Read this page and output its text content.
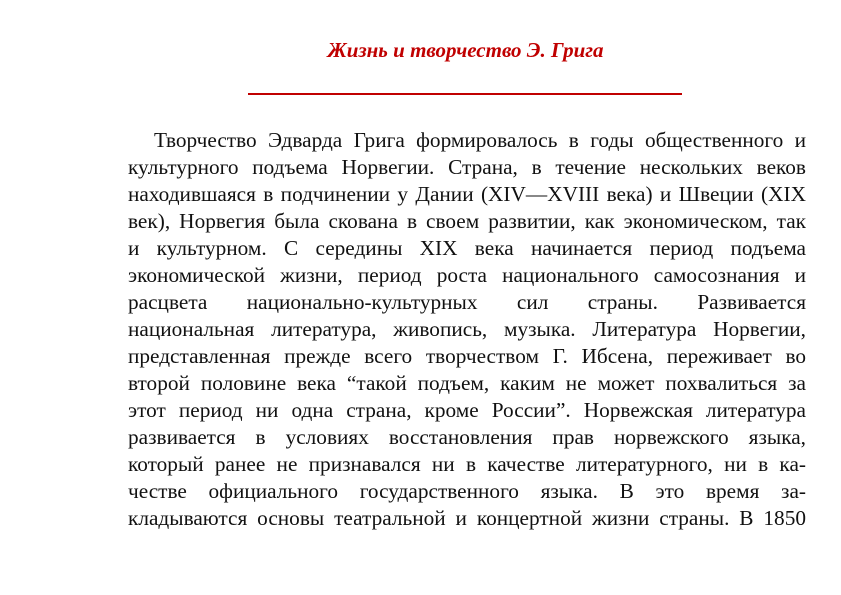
Жизнь и творчество Э. Грига
Творчество Эдварда Грига формировалось в годы общественного и
культурного подъема Норвегии. Страна, в течение нескольких веков
находившаяся в подчинении у Дании (XIV—XVIII века) и Швеции (XIX
век), Норвегия была скована в своем развитии, как экономическом, так
и культурном. С середины XIX века начинается период подъема
экономической жизни, период роста национального самосознания и
расцвета национально-культурных сил страны. Развивается
национальная литература, живопись, музыка. Литература Норвегии,
представленная прежде всего творчеством Г. Ибсена, переживает во
второй половине века “такой подъем, каким не может похвалиться за
этот период ни одна страна, кроме России”. Норвежская литература
развивается в условиях восстановления прав норвежского языка,
который ранее не признавался ни в качестве литературного, ни в ка-
честве официального государственного языка. В это время за-
кладываются основы театральной и концертной жизни страны. В 1850
